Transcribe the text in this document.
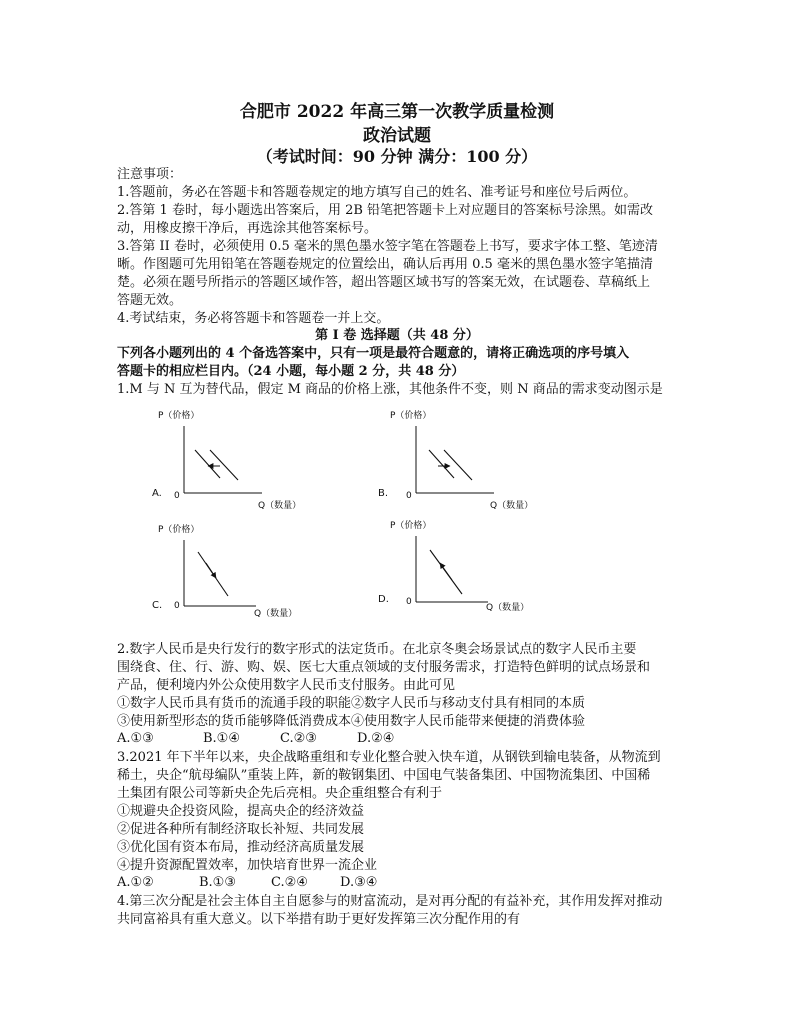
合肥市 2022 年高三第一次教学质量检测
政治试题
（考试时间：90 分钟 满分：100 分）
注意事项：
1.答题前，务必在答题卡和答题卷规定的地方填写自己的姓名、准考证号和座位号后两位。
2.答第 1 卷时，每小题选出答案后，用 2B 铅笔把答题卡上对应题目的答案标号涂黑。如需改
动，用橡皮擦干净后，再选涂其他答案标号。
3.答第 II 卷时，必须使用 0.5 毫米的黑色墨水签字笔在答题卷上书写，要求字体工整、笔迹清
晰。作图题可先用铅笔在答题卷规定的位置绘出，确认后再用 0.5 毫米的黑色墨水签字笔描清
楚。必须在题号所指示的答题区域作答，超出答题区域书写的答案无效，在试题卷、草稿纸上
答题无效。
4.考试结束，务必将答题卡和答题卷一并上交。
第 I 卷 选择题（共 48 分）
下列各小题列出的 4 个备选答案中，只有一项是最符合题意的，请将正确选项的序号填入
答题卡的相应栏目内。（24 小题，每小题 2 分，共 48 分）
1.M 与 N 互为替代品，假定 M 商品的价格上涨，其他条件不变，则 N 商品的需求变动图示是
P（价格）
0
A.
Q（数量）
P（价格）
0
B.
Q（数量）
P（价格）
0
C.
Q（数量）
P（价格）
0
D.
Q（数量）
2.数字人民币是央行发行的数字形式的法定货币。在北京冬奥会场景试点的数字人民币主要
围绕食、住、行、游、购、娱、医七大重点领域的支付服务需求，打造特色鲜明的试点场景和
产品，便利境内外公众使用数字人民币支付服务。由此可见
①数字人民币具有货币的流通手段的职能②数字人民币与移动支付具有相同的本质
③使用新型形态的货币能够降低消费成本④使用数字人民币能带来便捷的消费体验
A.①③	B.①④	C.②③	D.②④
3.2021 年下半年以来，央企战略重组和专业化整合驶入快车道，从钢铁到输电装备，从物流到
稀土，央企“航母编队”重装上阵，新的鞍钢集团、中国电气装备集团、中国物流集团、中国稀
土集团有限公司等新央企先后亮相。央企重组整合有利于
①规避央企投资风险，提高央企的经济效益
②促进各种所有制经济取长补短、共同发展
③优化国有资本布局，推动经济高质量发展
④提升资源配置效率，加快培育世界一流企业
A.①②	B.①③	C.②④ D.③④
4.第三次分配是社会主体自主自愿参与的财富流动，是对再分配的有益补充，其作用发挥对推动
共同富裕具有重大意义。以下举措有助于更好发挥第三次分配作用的有
